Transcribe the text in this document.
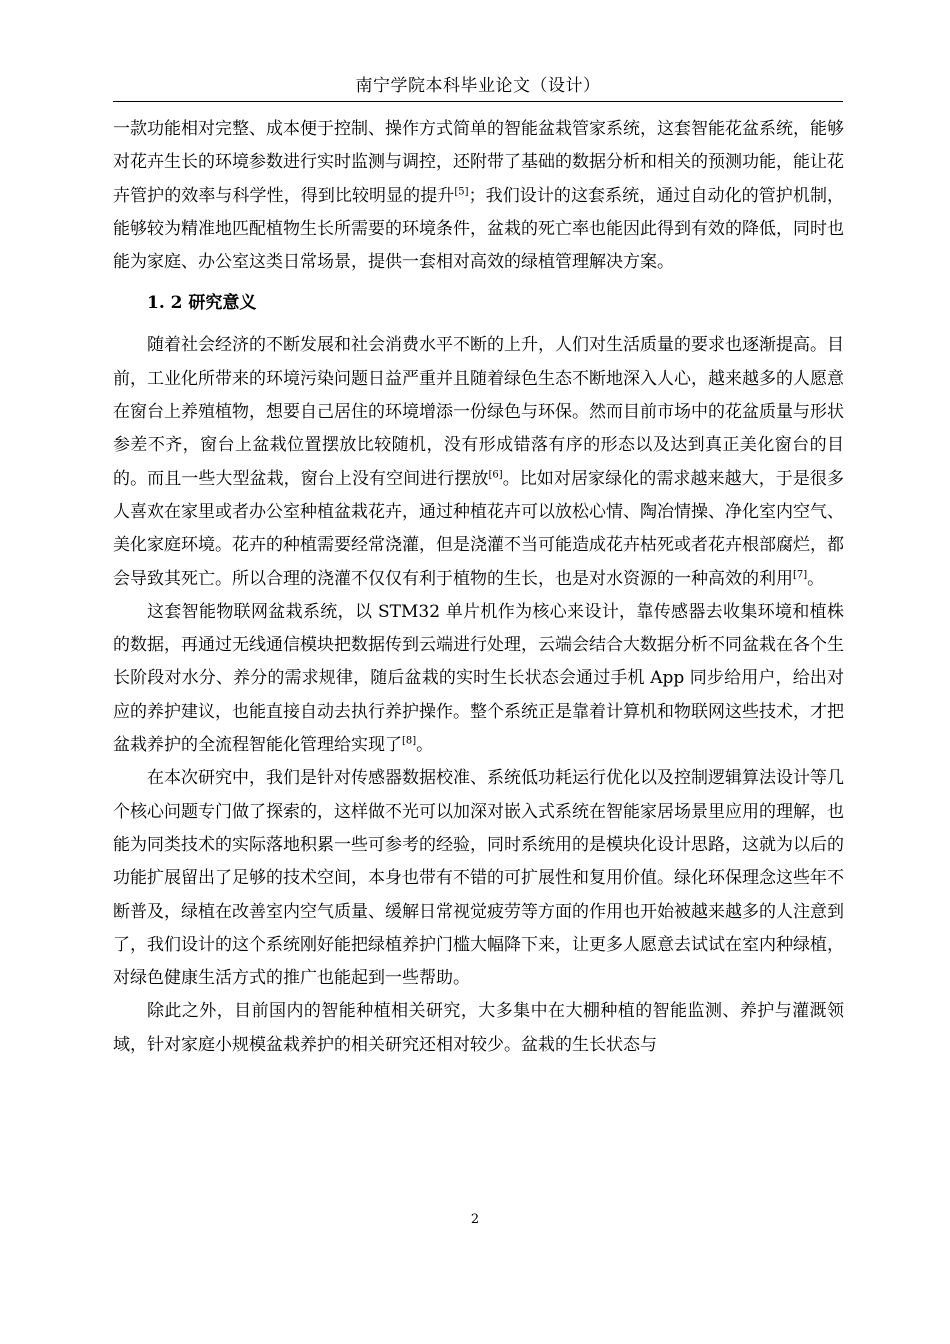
南宁学院本科毕业论文（设计）

一款功能相对完整、成本便于控制、操作方式简单的智能盆栽管家系统，这套智能花盆系统，能够对花卉生长的环境参数进行实时监测与调控，还附带了基础的数据分析和相关的预测功能，能让花卉管护的效率与科学性，得到比较明显的提升[5]；我们设计的这套系统，通过自动化的管护机制，能够较为精准地匹配植物生长所需要的环境条件，盆栽的死亡率也能因此得到有效的降低，同时也能为家庭、办公室这类日常场景，提供一套相对高效的绿植管理解决方案。

1. 2 研究意义

随着社会经济的不断发展和社会消费水平不断的上升，人们对生活质量的要求也逐渐提高。目前，工业化所带来的环境污染问题日益严重并且随着绿色生态不断地深入人心，越来越多的人愿意在窗台上养殖植物，想要自己居住的环境增添一份绿色与环保。然而目前市场中的花盆质量与形状参差不齐，窗台上盆栽位置摆放比较随机，没有形成错落有序的形态以及达到真正美化窗台的目的。而且一些大型盆栽，窗台上没有空间进行摆放[6]。比如对居家绿化的需求越来越大，于是很多人喜欢在家里或者办公室种植盆栽花卉，通过种植花卉可以放松心情、陶冶情操、净化室内空气、美化家庭环境。花卉的种植需要经常浇灌，但是浇灌不当可能造成花卉枯死或者花卉根部腐烂，都会导致其死亡。所以合理的浇灌不仅仅有利于植物的生长，也是对水资源的一种高效的利用[7]。

这套智能物联网盆栽系统，以 STM32 单片机作为核心来设计，靠传感器去收集环境和植株的数据，再通过无线通信模块把数据传到云端进行处理，云端会结合大数据分析不同盆栽在各个生长阶段对水分、养分的需求规律，随后盆栽的实时生长状态会通过手机 App 同步给用户，给出对应的养护建议，也能直接自动去执行养护操作。整个系统正是靠着计算机和物联网这些技术，才把盆栽养护的全流程智能化管理给实现了[8]。

在本次研究中，我们是针对传感器数据校准、系统低功耗运行优化以及控制逻辑算法设计等几个核心问题专门做了探索的，这样做不光可以加深对嵌入式系统在智能家居场景里应用的理解，也能为同类技术的实际落地积累一些可参考的经验，同时系统用的是模块化设计思路，这就为以后的功能扩展留出了足够的技术空间，本身也带有不错的可扩展性和复用价值。绿化环保理念这些年不断普及，绿植在改善室内空气质量、缓解日常视觉疲劳等方面的作用也开始被越来越多的人注意到了，我们设计的这个系统刚好能把绿植养护门槛大幅降下来，让更多人愿意去试试在室内种绿植，对绿色健康生活方式的推广也能起到一些帮助。

除此之外，目前国内的智能种植相关研究，大多集中在大棚种植的智能监测、养护与灌溉领域，针对家庭小规模盆栽养护的相关研究还相对较少。盆栽的生长状态与

2
